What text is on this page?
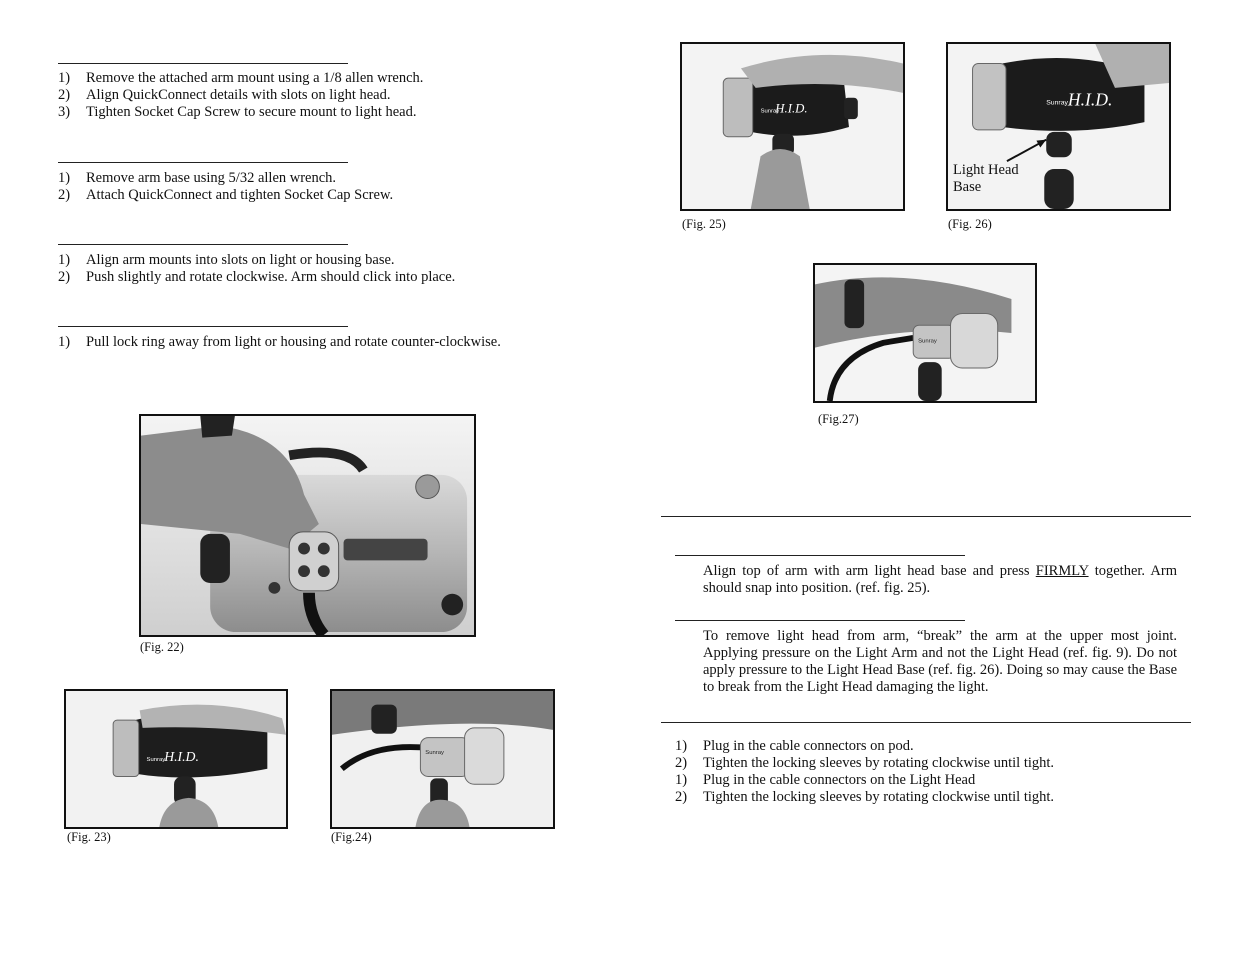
1)	Remove the attached arm mount using a 1/8 allen wrench.
2)	Align QuickConnect details with slots on light head.
3)	Tighten Socket Cap Screw to secure mount to light head.
1)	Remove arm base using 5/32 allen wrench.
2)	Attach QuickConnect and tighten Socket Cap Screw.
1)	Align arm mounts into slots on light or housing base.
2)	Push slightly and rotate clockwise. Arm should click into place.
1)	Pull lock ring away from light or housing and rotate counter-clockwise.
(Fig. 22)
H.I.D.
Sunray
(Fig. 23)
Sunray
(Fig.24)
H.I.D.
Sunray
(Fig. 25)
H.I.D.
Sunray
Light Head
Base
(Fig. 26)
Sunray
(Fig.27)
Align top of arm with arm light head base and press FIRMLY together. Arm should snap into position. (ref. fig. 25).
To remove light head from arm, “break” the arm at the upper most joint. Applying pressure on the Light Arm and not the Light Head (ref. fig. 9). Do not apply pressure to the Light Head Base (ref. fig. 26). Doing so may cause the Base to break from the Light Head damaging the light.
1)	Plug in the cable connectors on pod.
2)	Tighten the locking sleeves by rotating clockwise until tight.
1)	Plug in the cable connectors on the Light Head
2)	Tighten the locking sleeves by rotating clockwise until tight.
